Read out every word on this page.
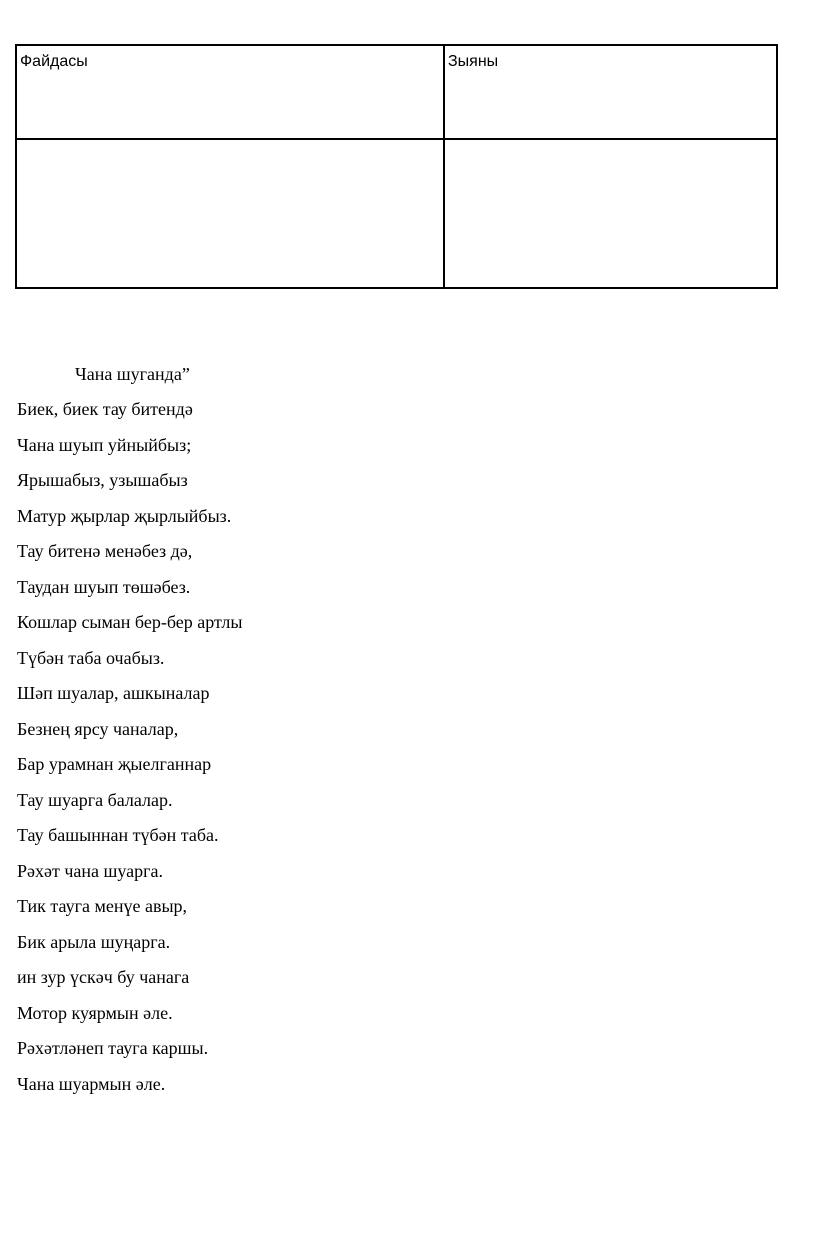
Файдасы	Зыяны

Чана шуганда”
Биек, биек тау битендә
Чана шуып уйныйбыз;
Ярышабыз, узышабыз
Матур җырлар җырлыйбыз.
Тау битенә менәбез дә,
Таудан шуып төшәбез.
Кошлар сыман бер-бер артлы
Түбән таба очабыз.
Шәп шуалар, ашкыналар
Безнең ярсу чаналар,
Бар урамнан җыелганнар
Тау шуарга балалар.
Тау башыннан түбән таба.
Рәхәт чана шуарга.
Тик таугa менүе авыр,
Бик арыла шуңарга.
ин зур үскәч бу чанага
Мотор куярмын әле.
Рәхәтләнеп тауга каршы.
Чана шуармын әле.
